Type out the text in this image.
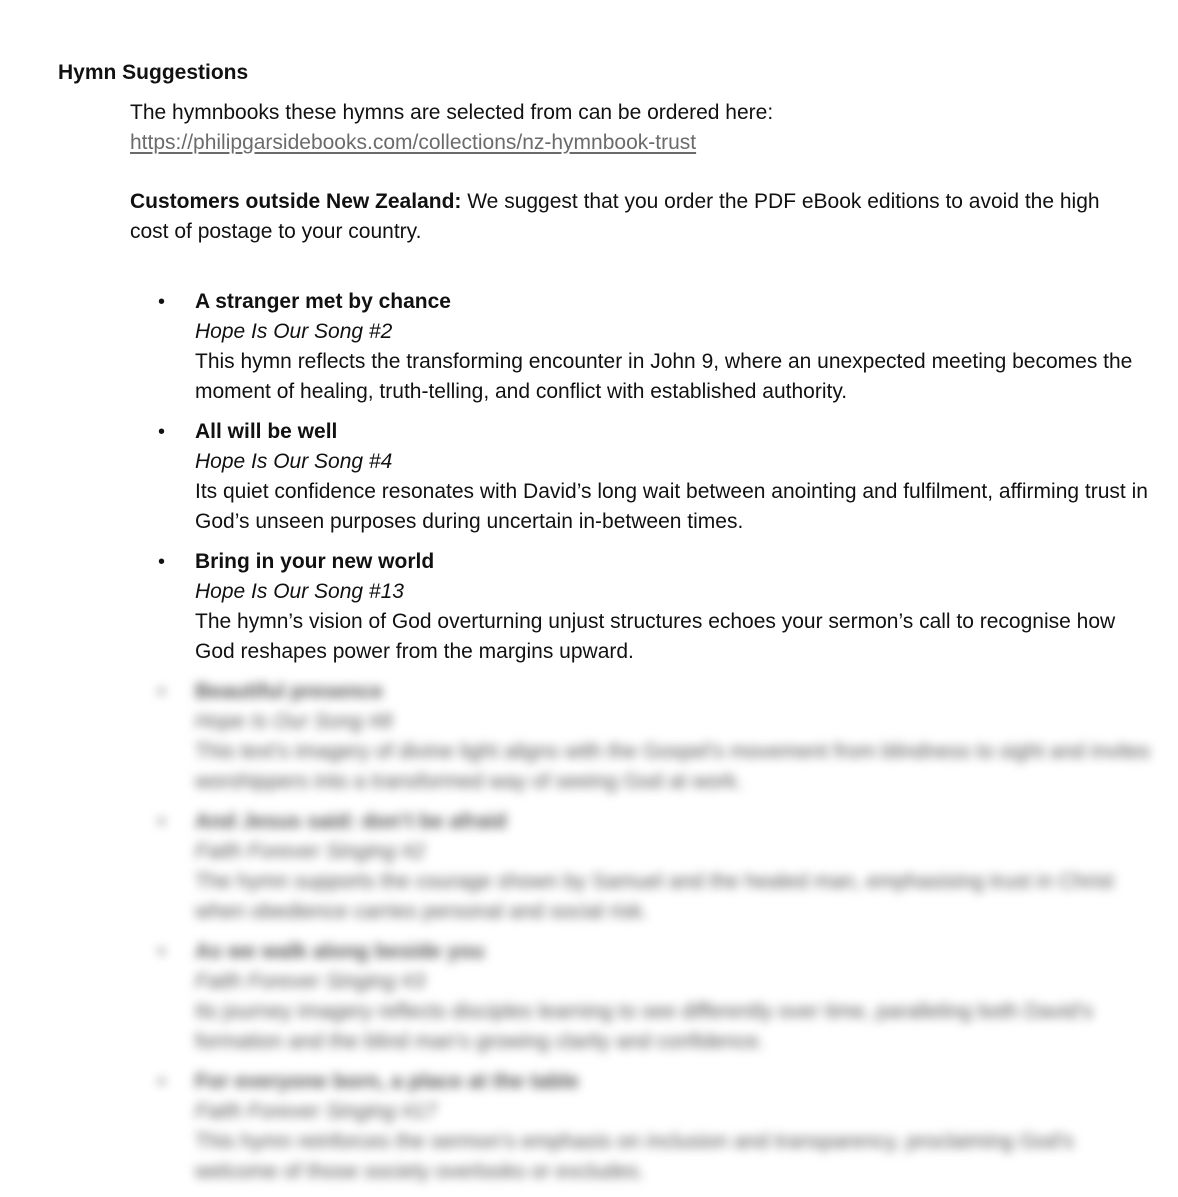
Hymn Suggestions

The hymnbooks these hymns are selected from can be ordered here:

https://philipgarsidebooks.com/collections/nz-hymnbook-trust

Customers outside New Zealand: We suggest that you order the PDF eBook editions to avoid the high cost of postage to your country.
• A stranger met by chance
Hope Is Our Song #2
This hymn reflects the transforming encounter in John 9, where an unexpected meeting becomes the moment of healing, truth-telling, and conflict with established authority.
• All will be well
Hope Is Our Song #4
Its quiet confidence resonates with David’s long wait between anointing and fulfilment, affirming trust in God’s unseen purposes during uncertain in-between times.
• Bring in your new world
Hope Is Our Song #13
The hymn’s vision of God overturning unjust structures echoes your sermon’s call to recognise how God reshapes power from the margins upward.
• Beautiful presence
Hope Is Our Song #8
This text’s imagery of divine light aligns with the Gospel’s movement from blindness to sight and invites worshippers into a transformed way of seeing God at work.
• And Jesus said: don’t be afraid
Faith Forever Singing #2
The hymn supports the courage shown by Samuel and the healed man, emphasising trust in Christ when obedience carries personal and social risk.
• As we walk along beside you
Faith Forever Singing #3
Its journey imagery reflects disciples learning to see differently over time, paralleling both David’s formation and the blind man’s growing clarity and confidence.
• For everyone born, a place at the table
Faith Forever Singing #17
This hymn reinforces the sermon’s emphasis on inclusion and transparency, proclaiming God’s welcome of those society overlooks or excludes.
